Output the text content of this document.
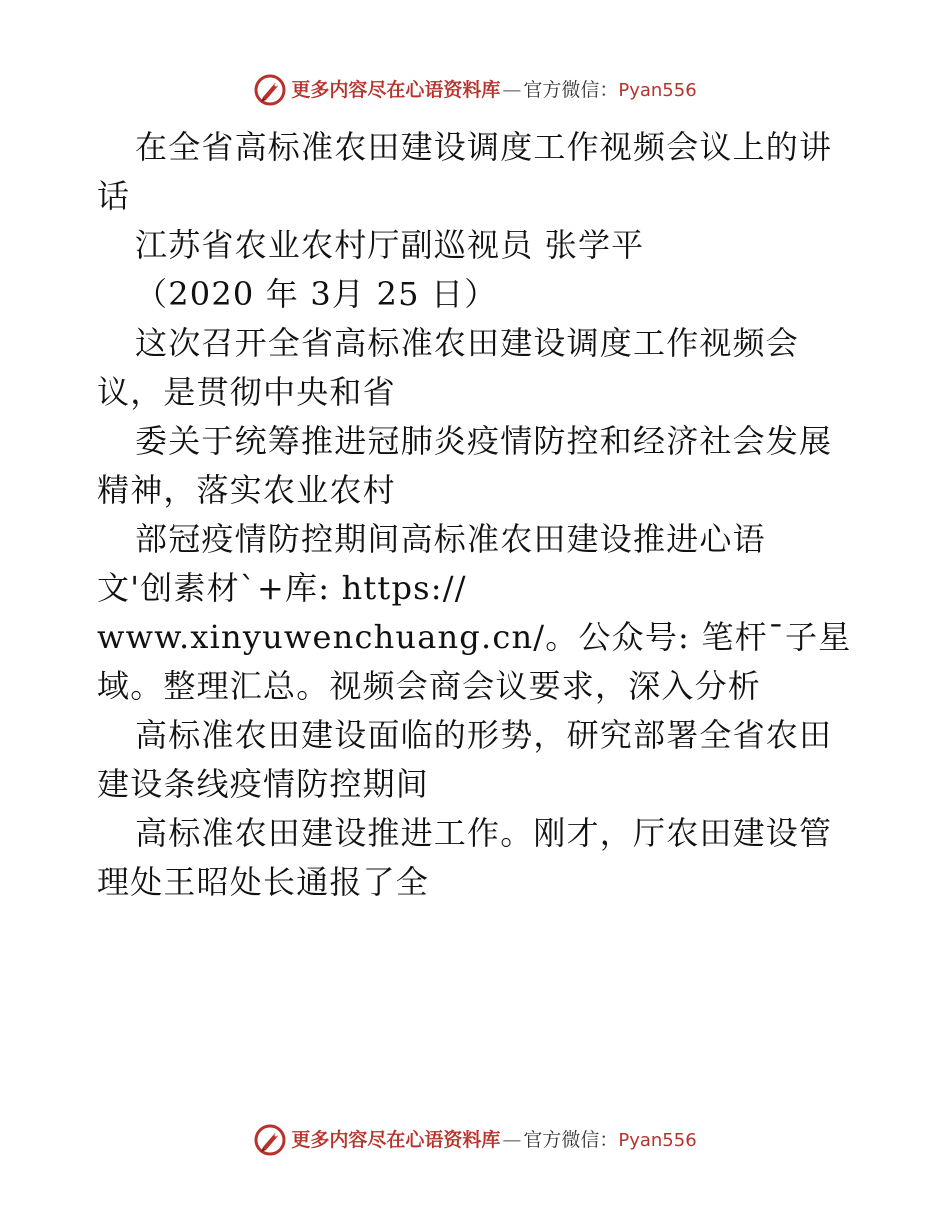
更多内容尽在心语资料库 — 官方微信： Pyan556
在全省高标准农田建设调度工作视频会议上的讲
话
江苏省农业农村厅副巡视员 张学平
（2020 年 3月 25 日）
这次召开全省高标准农田建设调度工作视频会
议，是贯彻中央和省
委关于统筹推进冠肺炎疫情防控和经济社会发展
精神，落实农业农村
部冠疫情防控期间高标准农田建设推进心语
文'创素材`+库: https://
www.xinyuwenchuang.cn/。公众号: 笔杆¯子星
域。整理汇总。视频会商会议要求，深入分析
高标准农田建设面临的形势，研究部署全省农田
建设条线疫情防控期间
高标准农田建设推进工作。刚才，厅农田建设管
理处王昭处长通报了全
更多内容尽在心语资料库 — 官方微信： Pyan556
